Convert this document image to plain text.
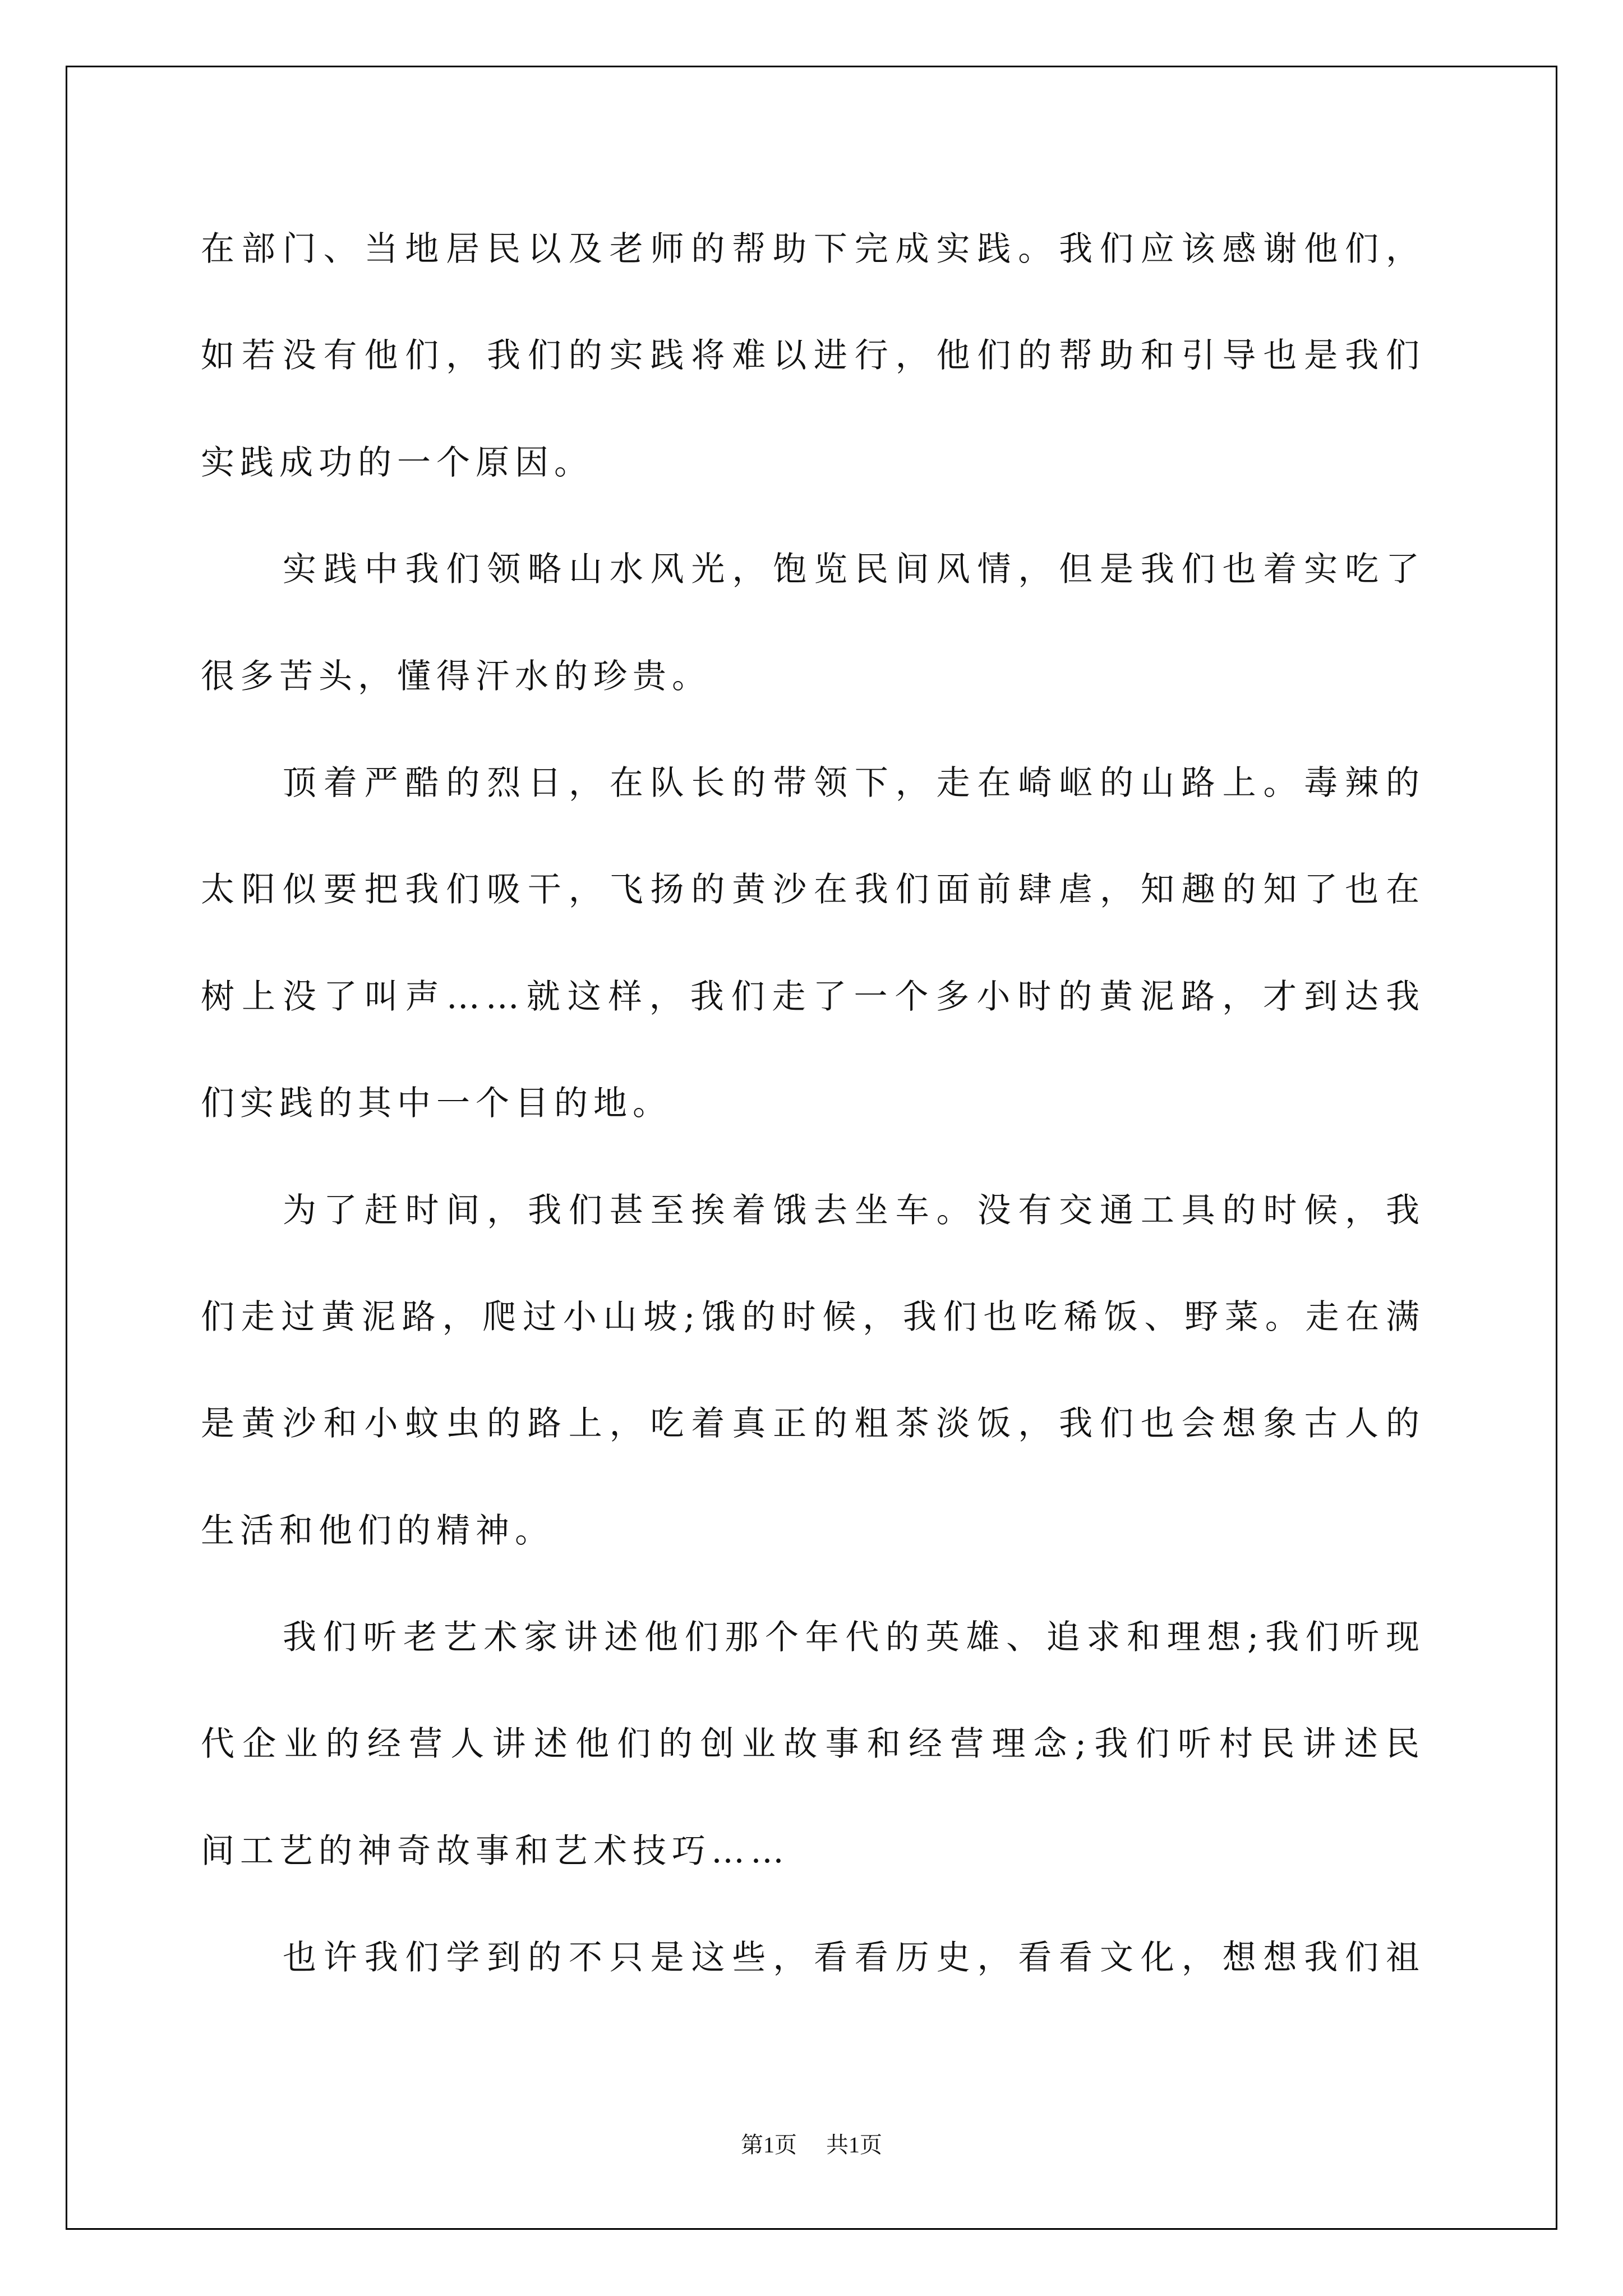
在部门、当地居民以及老师的帮助下完成实践。我们应该感谢他们，
如若没有他们，我们的实践将难以进行，他们的帮助和引导也是我们
实践成功的一个原因。
实践中我们领略山水风光，饱览民间风情，但是我们也着实吃了
很多苦头，懂得汗水的珍贵。
顶着严酷的烈日，在队长的带领下，走在崎岖的山路上。毒辣的
太阳似要把我们吸干，飞扬的黄沙在我们面前肆虐，知趣的知了也在
树上没了叫声……就这样，我们走了一个多小时的黄泥路，才到达我
们实践的其中一个目的地。
为了赶时间，我们甚至挨着饿去坐车。没有交通工具的时候，我
们走过黄泥路，爬过小山坡;饿的时候，我们也吃稀饭、野菜。走在满
是黄沙和小蚊虫的路上，吃着真正的粗茶淡饭，我们也会想象古人的
生活和他们的精神。
我们听老艺术家讲述他们那个年代的英雄、追求和理想;我们听现
代企业的经营人讲述他们的创业故事和经营理念;我们听村民讲述民
间工艺的神奇故事和艺术技巧……
也许我们学到的不只是这些，看看历史，看看文化，想想我们祖
第1页 共1页
